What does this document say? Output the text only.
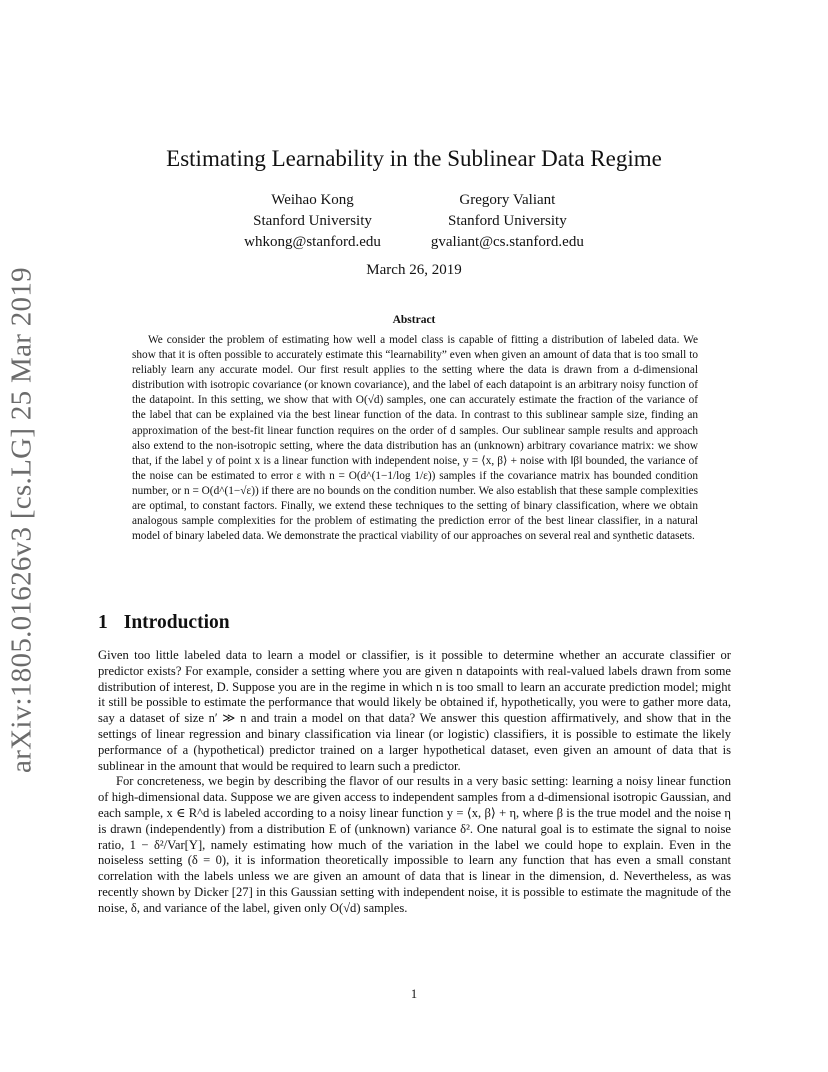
arXiv:1805.01626v3 [cs.LG] 25 Mar 2019
Estimating Learnability in the Sublinear Data Regime
Weihao Kong
Stanford University
whkong@stanford.edu
Gregory Valiant
Stanford University
gvaliant@cs.stanford.edu
March 26, 2019
Abstract
We consider the problem of estimating how well a model class is capable of fitting a distribution of labeled data. We show that it is often possible to accurately estimate this “learnability” even when given an amount of data that is too small to reliably learn any accurate model. Our first result applies to the setting where the data is drawn from a d-dimensional distribution with isotropic covariance (or known covariance), and the label of each datapoint is an arbitrary noisy function of the datapoint. In this setting, we show that with O(√d) samples, one can accurately estimate the fraction of the variance of the label that can be explained via the best linear function of the data. In contrast to this sublinear sample size, finding an approximation of the best-fit linear function requires on the order of d samples. Our sublinear sample results and approach also extend to the non-isotropic setting, where the data distribution has an (unknown) arbitrary covariance matrix: we show that, if the label y of point x is a linear function with independent noise, y = ⟨x, β⟩ + noise with ‖β‖ bounded, the variance of the noise can be estimated to error ε with n = O(d^(1−1/log 1/ε)) samples if the covariance matrix has bounded condition number, or n = O(d^(1−√ε)) if there are no bounds on the condition number. We also establish that these sample complexities are optimal, to constant factors. Finally, we extend these techniques to the setting of binary classification, where we obtain analogous sample complexities for the problem of estimating the prediction error of the best linear classifier, in a natural model of binary labeled data. We demonstrate the practical viability of our approaches on several real and synthetic datasets.
1 Introduction

Given too little labeled data to learn a model or classifier, is it possible to determine whether an accurate classifier or predictor exists? For example, consider a setting where you are given n datapoints with real-valued labels drawn from some distribution of interest, D. Suppose you are in the regime in which n is too small to learn an accurate prediction model; might it still be possible to estimate the performance that would likely be obtained if, hypothetically, you were to gather more data, say a dataset of size n′ ≫ n and train a model on that data? We answer this question affirmatively, and show that in the settings of linear regression and binary classification via linear (or logistic) classifiers, it is possible to estimate the likely performance of a (hypothetical) predictor trained on a larger hypothetical dataset, even given an amount of data that is sublinear in the amount that would be required to learn such a predictor.

For concreteness, we begin by describing the flavor of our results in a very basic setting: learning a noisy linear function of high-dimensional data. Suppose we are given access to independent samples from a d-dimensional isotropic Gaussian, and each sample, x ∈ R^d is labeled according to a noisy linear function y = ⟨x, β⟩ + η, where β is the true model and the noise η is drawn (independently) from a distribution E of (unknown) variance δ². One natural goal is to estimate the signal to noise ratio, 1 − δ²/Var[Y], namely estimating how much of the variation in the label we could hope to explain. Even in the noiseless setting (δ = 0), it is information theoretically impossible to learn any function that has even a small constant correlation with the labels unless we are given an amount of data that is linear in the dimension, d. Nevertheless, as was recently shown by Dicker [27] in this Gaussian setting with independent noise, it is possible to estimate the magnitude of the noise, δ, and variance of the label, given only O(√d) samples.

1
